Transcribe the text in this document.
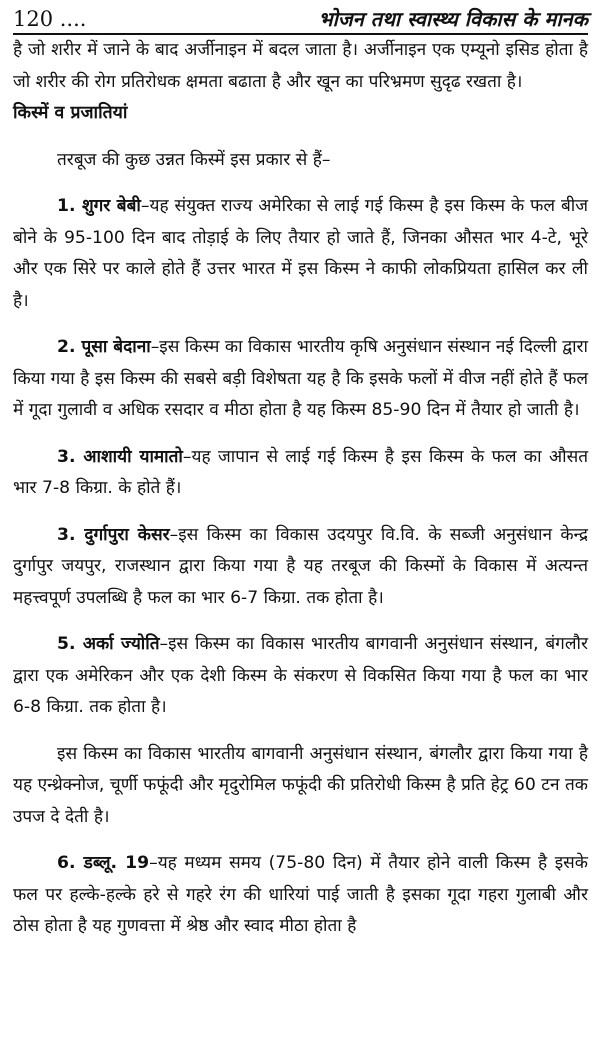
120 ....	भोजन तथा स्वास्थ्य विकास के मानक

है जो शरीर में जाने के बाद अर्जीनाइन में बदल जाता है। अर्जीनाइन एक एम्यूनो इसिड होता है जो शरीर की रोग प्रतिरोधक क्षमता बढाता है और खून का परिभ्रमण सुदृढ रखता है।

किस्में व प्रजातियां

तरबूज की कुछ उन्नत किस्में इस प्रकार से हैं–

1. शुगर बेबी–यह संयुक्त राज्य अमेरिका से लाई गई किस्म है इस किस्म के फल बीज बोने के 95-100 दिन बाद तोड़ाई के लिए तैयार हो जाते हैं, जिनका औसत भार 4-टे, भूरे और एक सिरे पर काले होते हैं उत्तर भारत में इस किस्म ने काफी लोकप्रियता हासिल कर ली है।

2. पूसा बेदाना–इस किस्म का विकास भारतीय कृषि अनुसंधान संस्थान नई दिल्ली द्वारा किया गया है इस किस्म की सबसे बड़ी विशेषता यह है कि इसके फलों में वीज नहीं होते हैं फल में गूदा गुलावी व अधिक रसदार व मीठा होता है यह किस्म 85-90 दिन में तैयार हो जाती है।

3. आशायी यामातो–यह जापान से लाई गई किस्म है इस किस्म के फल का औसत भार 7-8 किग्रा. के होते हैं।

3. दुर्गापुरा केसर–इस किस्म का विकास उदयपुर वि.वि. के सब्जी अनुसंधान केन्द्र दुर्गापुर जयपुर, राजस्थान द्वारा किया गया है यह तरबूज की किस्मों के विकास में अत्यन्त महत्त्वपूर्ण उपलब्धि है फल का भार 6-7 किग्रा. तक होता है।

5. अर्का ज्योति–इस किस्म का विकास भारतीय बागवानी अनुसंधान संस्थान, बंगलौर द्वारा एक अमेरिकन और एक देशी किस्म के संकरण से विकसित किया गया है फल का भार 6-8 किग्रा. तक होता है।

इस किस्म का विकास भारतीय बागवानी अनुसंधान संस्थान, बंगलौर द्वारा किया गया है यह एन्थ्रेक्नोज, चूर्णी फफूंदी और मृदुरोमिल फफूंदी की प्रतिरोधी किस्म है प्रति हेट्र 60 टन तक उपज दे देती है।

6. डब्लू. 19–यह मध्यम समय (75-80 दिन) में तैयार होने वाली किस्म है इसके फल पर हल्के-हल्के हरे से गहरे रंग की धारियां पाई जाती है इसका गूदा गहरा गुलाबी और ठोस होता है यह गुणवत्ता में श्रेष्ठ और स्वाद मीठा होता है
